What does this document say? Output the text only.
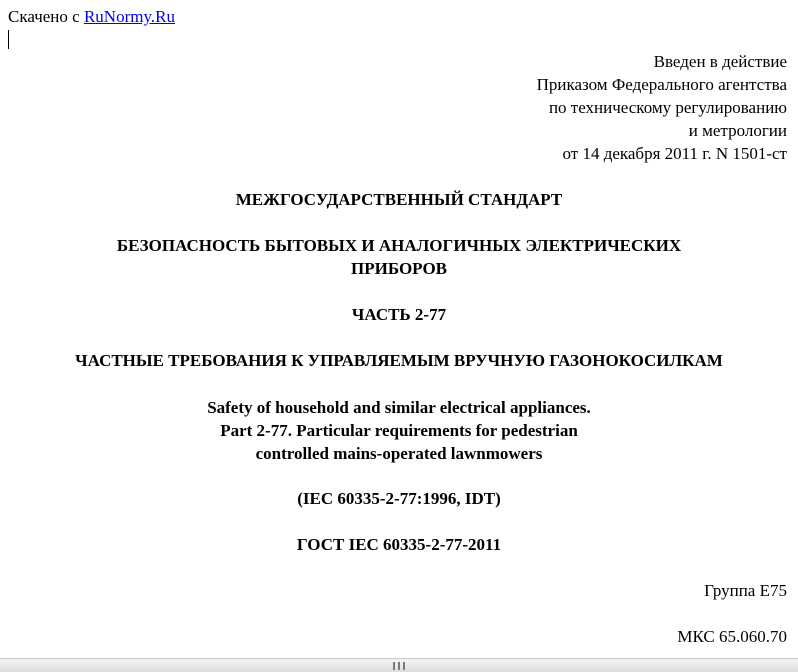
Скачено с RuNormy.Ru
Введен в действие
Приказом Федерального агентства
по техническому регулированию
и метрологии
от 14 декабря 2011 г. N 1501-ст
МЕЖГОСУДАРСТВЕННЫЙ СТАНДАРТ
БЕЗОПАСНОСТЬ БЫТОВЫХ И АНАЛОГИЧНЫХ ЭЛЕКТРИЧЕСКИХ
ПРИБОРОВ
ЧАСТЬ 2-77
ЧАСТНЫЕ ТРЕБОВАНИЯ К УПРАВЛЯЕМЫМ ВРУЧНУЮ ГАЗОНОКОСИЛКАМ
Safety of household and similar electrical appliances.
Part 2-77. Particular requirements for pedestrian
controlled mains-operated lawnmowers
(IEC 60335-2-77:1996, IDT)
ГОСТ IEC 60335-2-77-2011
Группа Е75
МКС 65.060.70
